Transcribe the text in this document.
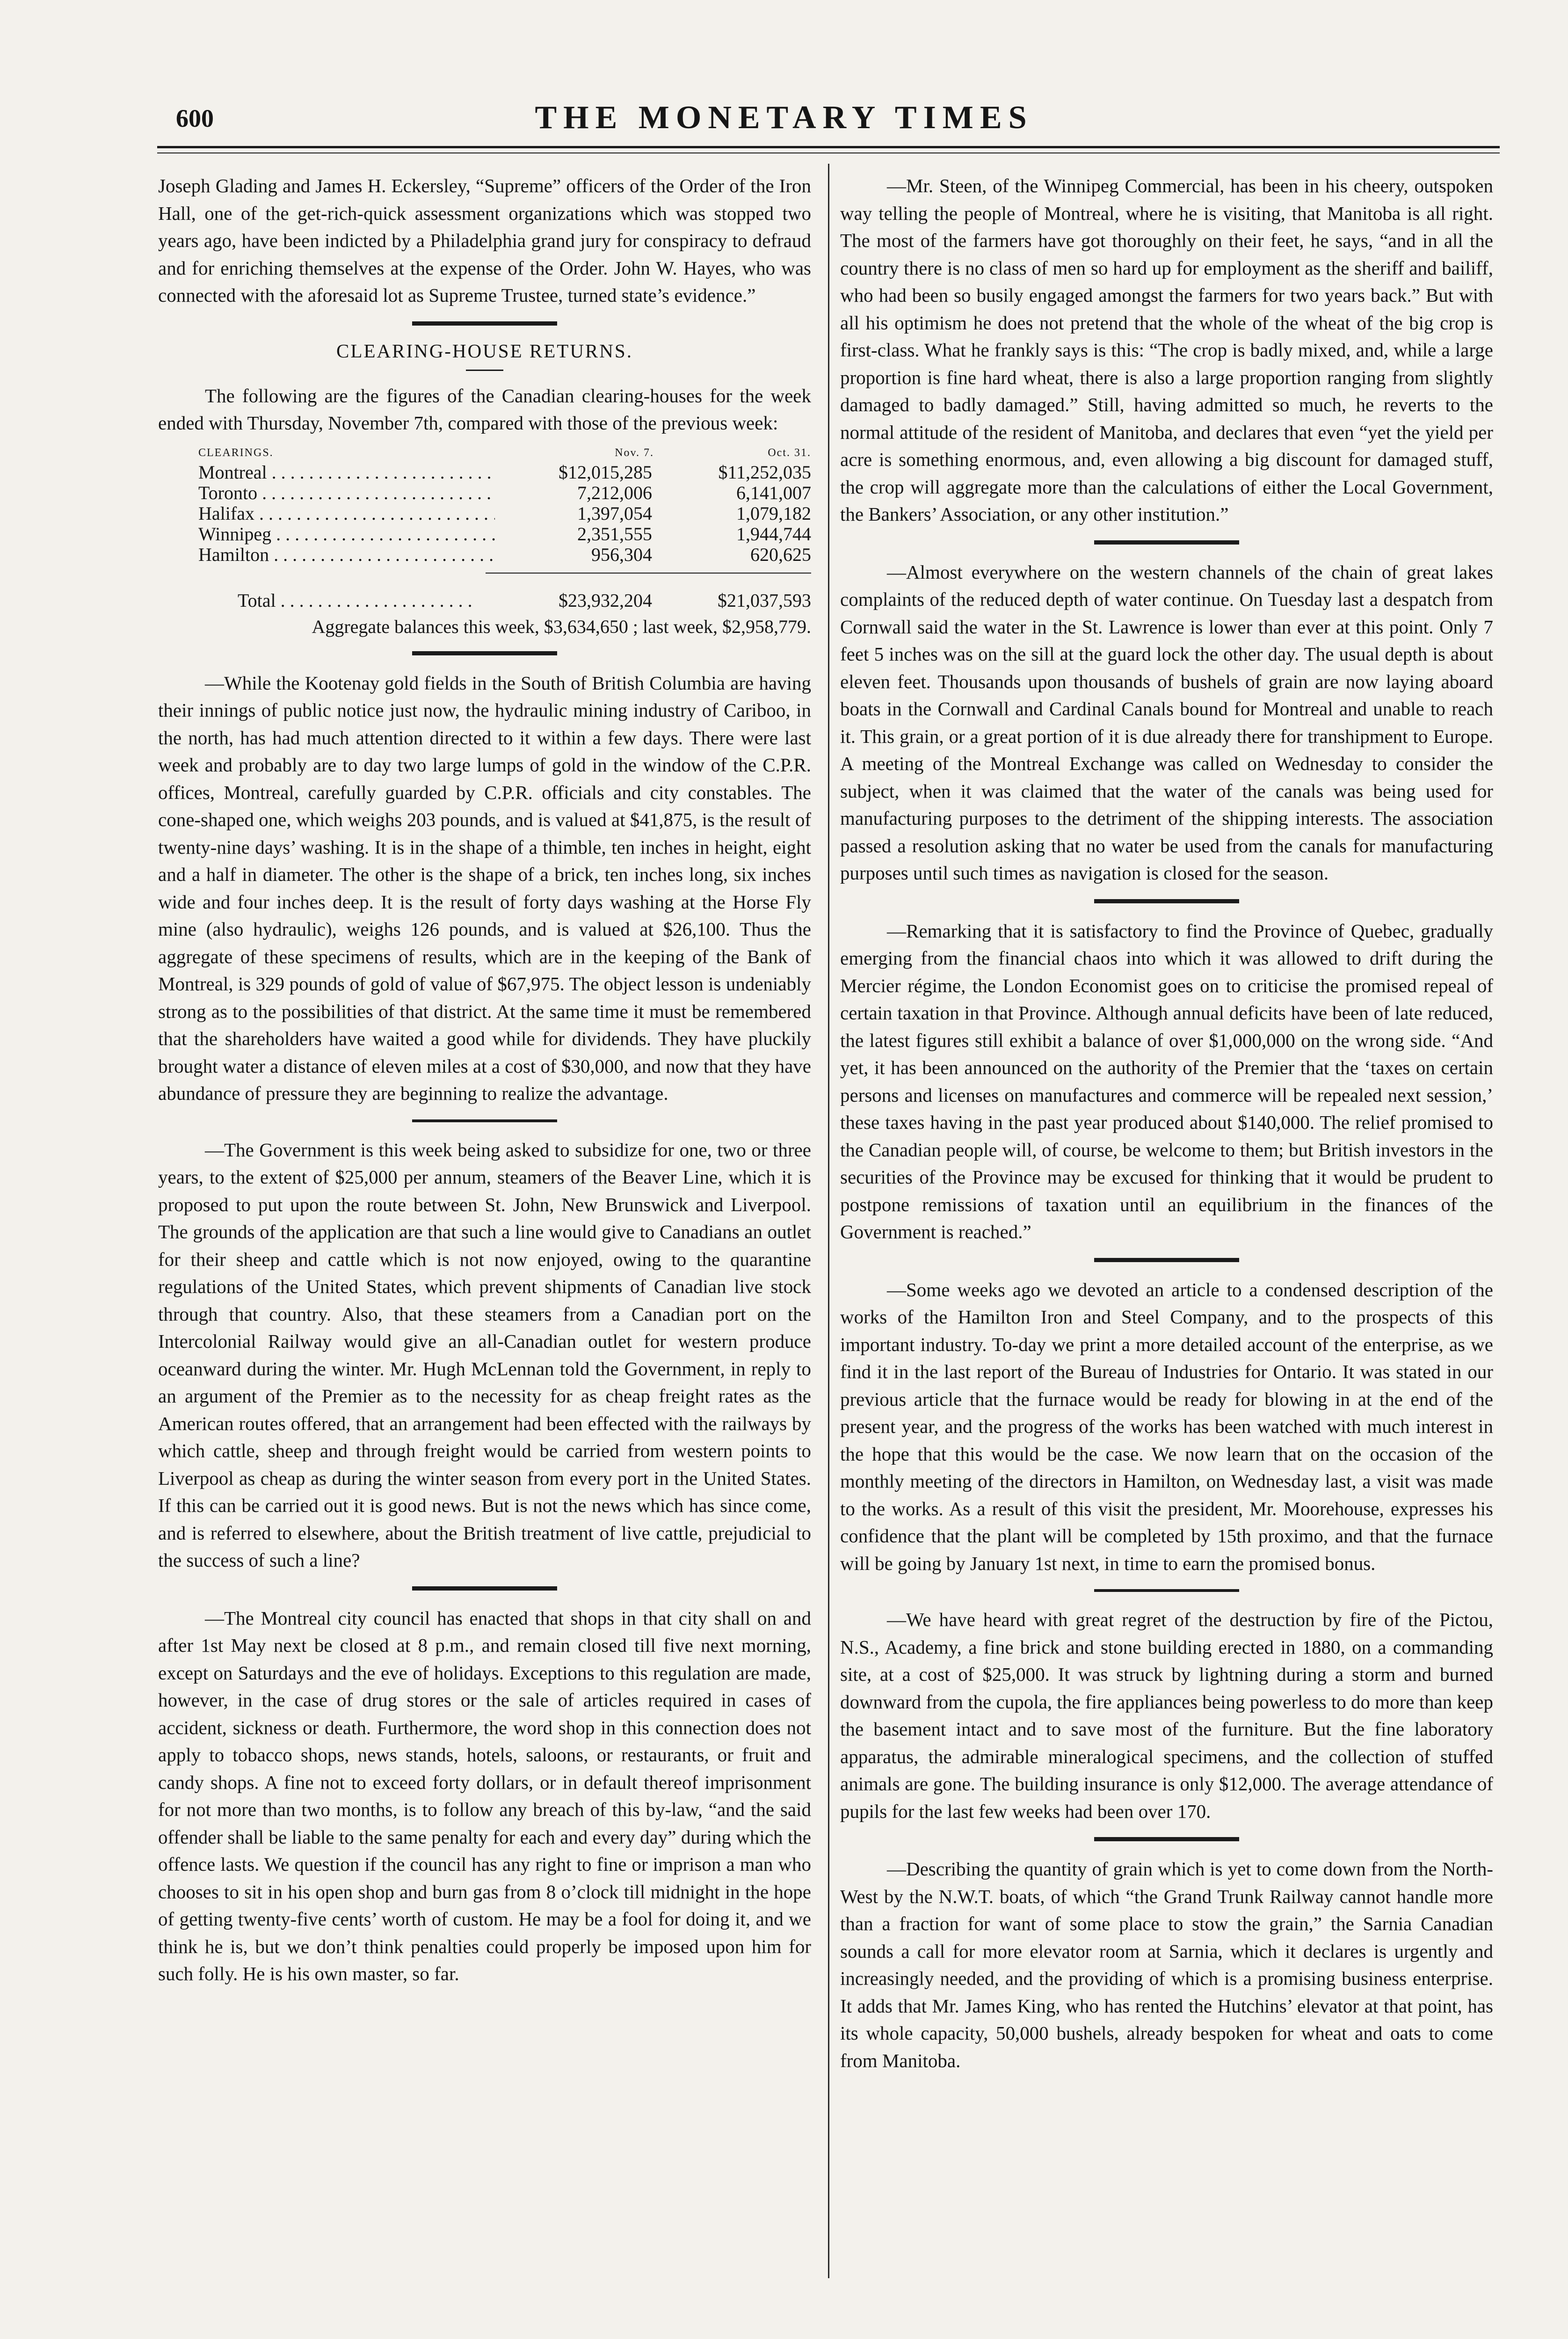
600	THE MONETARY TIMES

Joseph Glading and James H. Eckersley, “Supreme” officers of the Order of the Iron Hall, one of the get-rich-quick assessment organizations which was stopped two years ago, have been indicted by a Philadelphia grand jury for conspiracy to defraud and for enriching themselves at the expense of the Order. John W. Hayes, who was connected with the aforesaid lot as Supreme Trustee, turned state’s evidence.”

CLEARING-HOUSE RETURNS.

The following are the figures of the Canadian clearing-houses for the week ended with Thursday, November 7th, compared with those of the previous week:

CLEARINGS.	Nov. 7.	Oct. 31.
Montreal . . .	$12,015,285	$11,252,035
Toronto . . .	7,212,006	6,141,007
Halifax . . .	1,397,054	1,079,182
Winnipeg . . .	2,351,555	1,944,744
Hamilton . . .	956,304	620,625
Total . . .	$23,932,204	$21,037,593
Aggregate balances this week, $3,634,650 ; last week, $2,958,779.

—While the Kootenay gold fields in the South of British Columbia are having their innings of public notice just now, the hydraulic mining industry of Cariboo, in the north, has had much attention directed to it within a few days. There were last week and probably are to day two large lumps of gold in the window of the C.P.R. offices, Montreal, carefully guarded by C.P.R. officials and city constables. The cone-shaped one, which weighs 203 pounds, and is valued at $41,875, is the result of twenty-nine days’ washing. It is in the shape of a thimble, ten inches in height, eight and a half in diameter. The other is the shape of a brick, ten inches long, six inches wide and four inches deep. It is the result of forty days washing at the Horse Fly mine (also hydraulic), weighs 126 pounds, and is valued at $26,100. Thus the aggregate of these specimens of results, which are in the keeping of the Bank of Montreal, is 329 pounds of gold of value of $67,975. The object lesson is undeniably strong as to the possibilities of that district. At the same time it must be remembered that the shareholders have waited a good while for dividends. They have pluckily brought water a distance of eleven miles at a cost of $30,000, and now that they have abundance of pressure they are beginning to realize the advantage.

—The Government is this week being asked to subsidize for one, two or three years, to the extent of $25,000 per annum, steamers of the Beaver Line, which it is proposed to put upon the route between St. John, New Brunswick and Liverpool. The grounds of the application are that such a line would give to Canadians an outlet for their sheep and cattle which is not now enjoyed, owing to the quarantine regulations of the United States, which prevent shipments of Canadian live stock through that country. Also, that these steamers from a Canadian port on the Intercolonial Railway would give an all-Canadian outlet for western produce oceanward during the winter. Mr. Hugh McLennan told the Government, in reply to an argument of the Premier as to the necessity for as cheap freight rates as the American routes offered, that an arrangement had been effected with the railways by which cattle, sheep and through freight would be carried from western points to Liverpool as cheap as during the winter season from every port in the United States. If this can be carried out it is good news. But is not the news which has since come, and is referred to elsewhere, about the British treatment of live cattle, prejudicial to the success of such a line?

—The Montreal city council has enacted that shops in that city shall on and after 1st May next be closed at 8 p.m., and remain closed till five next morning, except on Saturdays and the eve of holidays. Exceptions to this regulation are made, however, in the case of drug stores or the sale of articles required in cases of accident, sickness or death. Furthermore, the word shop in this connection does not apply to tobacco shops, news stands, hotels, saloons, or restaurants, or fruit and candy shops. A fine not to exceed forty dollars, or in default thereof imprisonment for not more than two months, is to follow any breach of this by-law, “and the said offender shall be liable to the same penalty for each and every day” during which the offence lasts. We question if the council has any right to fine or imprison a man who chooses to sit in his open shop and burn gas from 8 o’clock till midnight in the hope of getting twenty-five cents’ worth of custom. He may be a fool for doing it, and we think he is, but we don’t think penalties could properly be imposed upon him for such folly. He is his own master, so far.

—Mr. Steen, of the Winnipeg Commercial, has been in his cheery, outspoken way telling the people of Montreal, where he is visiting, that Manitoba is all right. The most of the farmers have got thoroughly on their feet, he says, “and in all the country there is no class of men so hard up for employment as the sheriff and bailiff, who had been so busily engaged amongst the farmers for two years back.” But with all his optimism he does not pretend that the whole of the wheat of the big crop is first-class. What he frankly says is this: “The crop is badly mixed, and, while a large proportion is fine hard wheat, there is also a large proportion ranging from slightly damaged to badly damaged.” Still, having admitted so much, he reverts to the normal attitude of the resident of Manitoba, and declares that even “yet the yield per acre is something enormous, and, even allowing a big discount for damaged stuff, the crop will aggregate more than the calculations of either the Local Government, the Bankers’ Association, or any other institution.”

—Almost everywhere on the western channels of the chain of great lakes complaints of the reduced depth of water continue. On Tuesday last a despatch from Cornwall said the water in the St. Lawrence is lower than ever at this point. Only 7 feet 5 inches was on the sill at the guard lock the other day. The usual depth is about eleven feet. Thousands upon thousands of bushels of grain are now laying aboard boats in the Cornwall and Cardinal Canals bound for Montreal and unable to reach it. This grain, or a great portion of it is due already there for transhipment to Europe. A meeting of the Montreal Exchange was called on Wednesday to consider the subject, when it was claimed that the water of the canals was being used for manufacturing purposes to the detriment of the shipping interests. The association passed a resolution asking that no water be used from the canals for manufacturing purposes until such times as navigation is closed for the season.

—Remarking that it is satisfactory to find the Province of Quebec, gradually emerging from the financial chaos into which it was allowed to drift during the Mercier régime, the London Economist goes on to criticise the promised repeal of certain taxation in that Province. Although annual deficits have been of late reduced, the latest figures still exhibit a balance of over $1,000,000 on the wrong side. “And yet, it has been announced on the authority of the Premier that the ‘taxes on certain persons and licenses on manufactures and commerce will be repealed next session,’ these taxes having in the past year produced about $140,000. The relief promised to the Canadian people will, of course, be welcome to them; but British investors in the securities of the Province may be excused for thinking that it would be prudent to postpone remissions of taxation until an equilibrium in the finances of the Government is reached.”

—Some weeks ago we devoted an article to a condensed description of the works of the Hamilton Iron and Steel Company, and to the prospects of this important industry. To-day we print a more detailed account of the enterprise, as we find it in the last report of the Bureau of Industries for Ontario. It was stated in our previous article that the furnace would be ready for blowing in at the end of the present year, and the progress of the works has been watched with much interest in the hope that this would be the case. We now learn that on the occasion of the monthly meeting of the directors in Hamilton, on Wednesday last, a visit was made to the works. As a result of this visit the president, Mr. Moorehouse, expresses his confidence that the plant will be completed by 15th proximo, and that the furnace will be going by January 1st next, in time to earn the promised bonus.

—We have heard with great regret of the destruction by fire of the Pictou, N.S., Academy, a fine brick and stone building erected in 1880, on a commanding site, at a cost of $25,000. It was struck by lightning during a storm and burned downward from the cupola, the fire appliances being powerless to do more than keep the basement intact and to save most of the furniture. But the fine laboratory apparatus, the admirable mineralogical specimens, and the collection of stuffed animals are gone. The building insurance is only $12,000. The average attendance of pupils for the last few weeks had been over 170.

—Describing the quantity of grain which is yet to come down from the North-West by the N.W.T. boats, of which “the Grand Trunk Railway cannot handle more than a fraction for want of some place to stow the grain,” the Sarnia Canadian sounds a call for more elevator room at Sarnia, which it declares is urgently and increasingly needed, and the providing of which is a promising business enterprise. It adds that Mr. James King, who has rented the Hutchins’ elevator at that point, has its whole capacity, 50,000 bushels, already bespoken for wheat and oats to come from Manitoba.
